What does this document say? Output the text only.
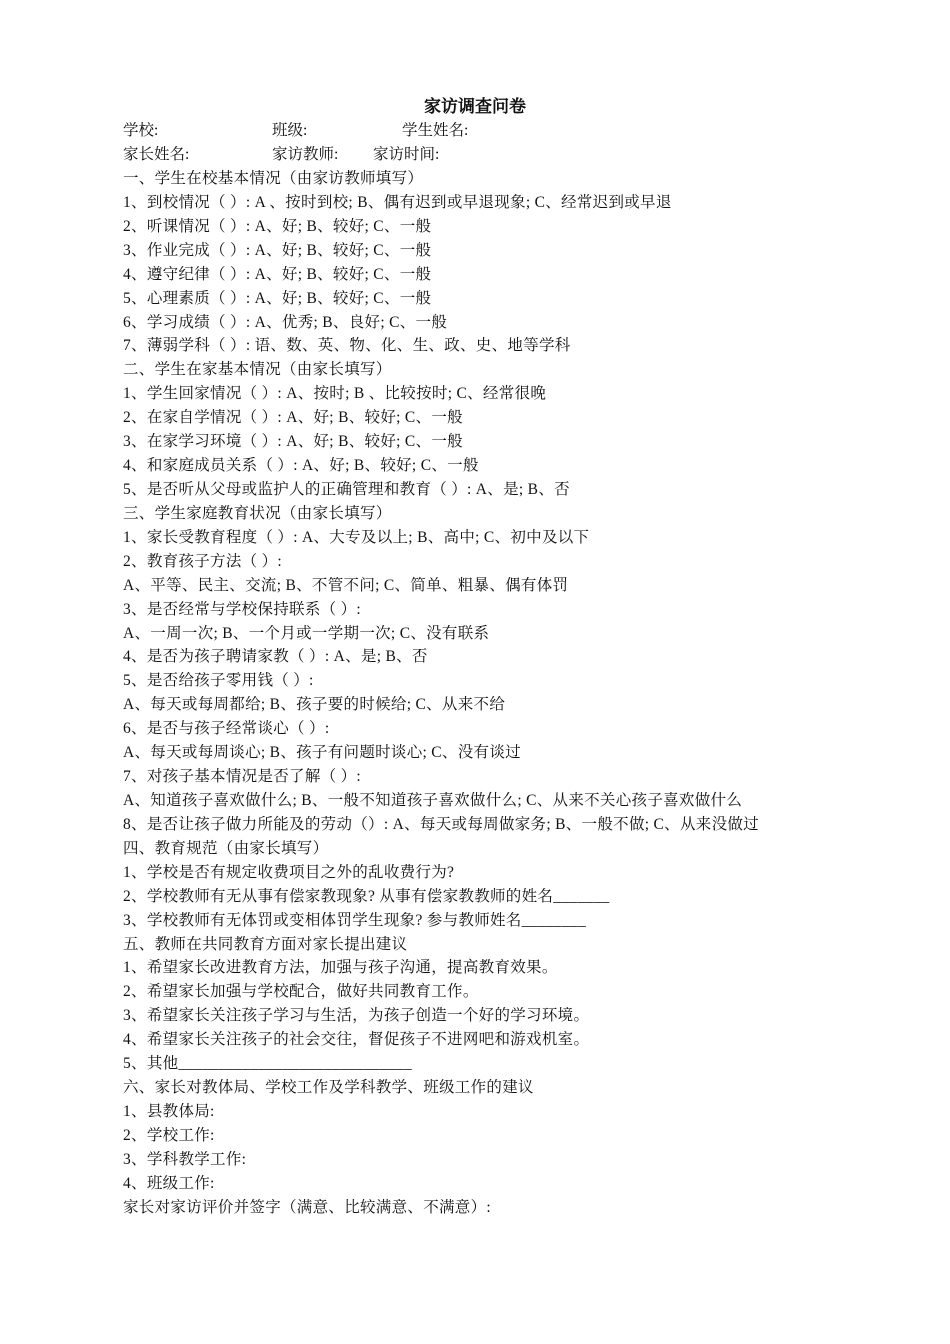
家访调查问卷
学校:	班级:	学生姓名:
家长姓名:	家访教师: 家访时间:
一、学生在校基本情况（由家访教师填写）
1、到校情况（ ）: A 、按时到校; B、偶有迟到或早退现象; C、经常迟到或早退
2、听课情况（ ）: A、好; B、较好; C、一般
3、作业完成（ ）: A、好; B、较好; C、一般
4、遵守纪律（ ）: A、好; B、较好; C、一般
5、心理素质（ ）: A、好; B、较好; C、一般
6、学习成绩（ ）: A、优秀; B、良好; C、一般
7、薄弱学科（ ）: 语、数、英、物、化、生、政、史、地等学科
二、学生在家基本情况（由家长填写）
1、学生回家情况（ ）: A、按时; B 、比较按时; C、经常很晚
2、在家自学情况（ ）: A、好; B、较好; C、一般
3、在家学习环境（ ）: A、好; B、较好; C、一般
4、和家庭成员关系（ ）: A、好; B、较好; C、一般
5、是否听从父母或监护人的正确管理和教育（ ）: A、是; B、否
三、学生家庭教育状况（由家长填写）
1、家长受教育程度（ ）: A、大专及以上; B、高中; C、初中及以下
2、教育孩子方法（ ）:
A、平等、民主、交流; B、不管不问; C、简单、粗暴、偶有体罚
3、是否经常与学校保持联系（ ）:
A、一周一次; B、一个月或一学期一次; C、没有联系
4、是否为孩子聘请家教（ ）: A、是; B、否
5、是否给孩子零用钱（ ）:
A、每天或每周都给; B、孩子要的时候给; C、从来不给
6、是否与孩子经常谈心（ ）:
A、每天或每周谈心; B、孩子有问题时谈心; C、没有谈过
7、对孩子基本情况是否了解（ ）:
A、知道孩子喜欢做什么; B、一般不知道孩子喜欢做什么; C、从来不关心孩子喜欢做什么
8、是否让孩子做力所能及的劳动（）: A、每天或每周做家务; B、一般不做; C、从来没做过
四、教育规范（由家长填写）
1、学校是否有规定收费项目之外的乱收费行为?
2、学校教师有无从事有偿家教现象? 从事有偿家教教师的姓名_______
3、学校教师有无体罚或变相体罚学生现象? 参与教师姓名________
五、教师在共同教育方面对家长提出建议
1、希望家长改进教育方法，加强与孩子沟通，提高教育效果。
2、希望家长加强与学校配合，做好共同教育工作。
3、希望家长关注孩子学习与生活，为孩子创造一个好的学习环境。
4、希望家长关注孩子的社会交往，督促孩子不进网吧和游戏机室。
5、其他_____________________________
六、家长对教体局、学校工作及学科教学、班级工作的建议
1、县教体局:
2、学校工作:
3、学科教学工作:
4、班级工作:
家长对家访评价并签字（满意、比较满意、不满意）:
